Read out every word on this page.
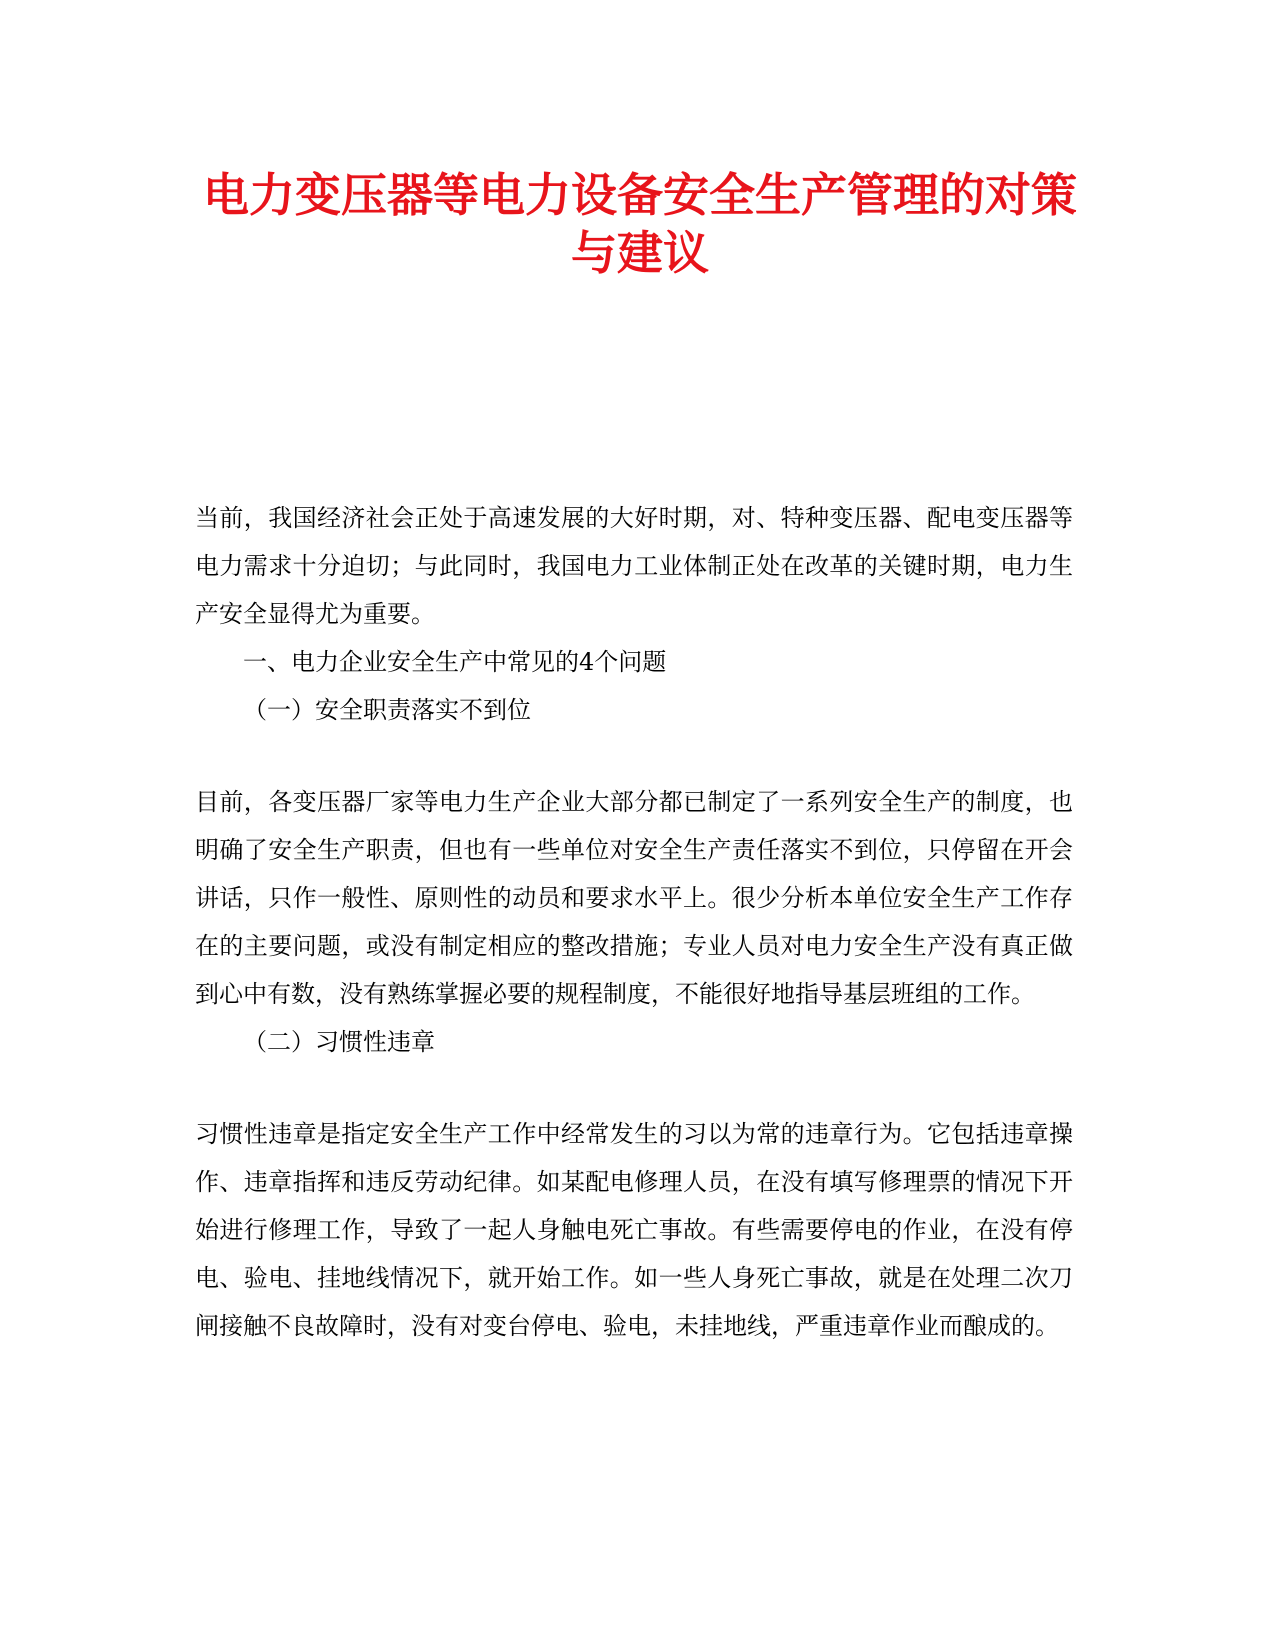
电力变压器等电力设备安全生产管理的对策
与建议

当前，我国经济社会正处于高速发展的大好时期，对、特种变压器、配电变压器等电力需求十分迫切；与此同时，我国电力工业体制正处在改革的关键时期，电力生产安全显得尤为重要。

一、电力企业安全生产中常见的4个问题

（一）安全职责落实不到位

目前，各变压器厂家等电力生产企业大部分都已制定了一系列安全生产的制度，也明确了安全生产职责，但也有一些单位对安全生产责任落实不到位，只停留在开会讲话，只作一般性、原则性的动员和要求水平上。很少分析本单位安全生产工作存在的主要问题，或没有制定相应的整改措施；专业人员对电力安全生产没有真正做到心中有数，没有熟练掌握必要的规程制度，不能很好地指导基层班组的工作。

（二）习惯性违章

习惯性违章是指定安全生产工作中经常发生的习以为常的违章行为。它包括违章操作、违章指挥和违反劳动纪律。如某配电修理人员，在没有填写修理票的情况下开始进行修理工作，导致了一起人身触电死亡事故。有些需要停电的作业，在没有停电、验电、挂地线情况下，就开始工作。如一些人身死亡事故，就是在处理二次刀闸接触不良故障时，没有对变台停电、验电，未挂地线，严重违章作业而酿成的。
